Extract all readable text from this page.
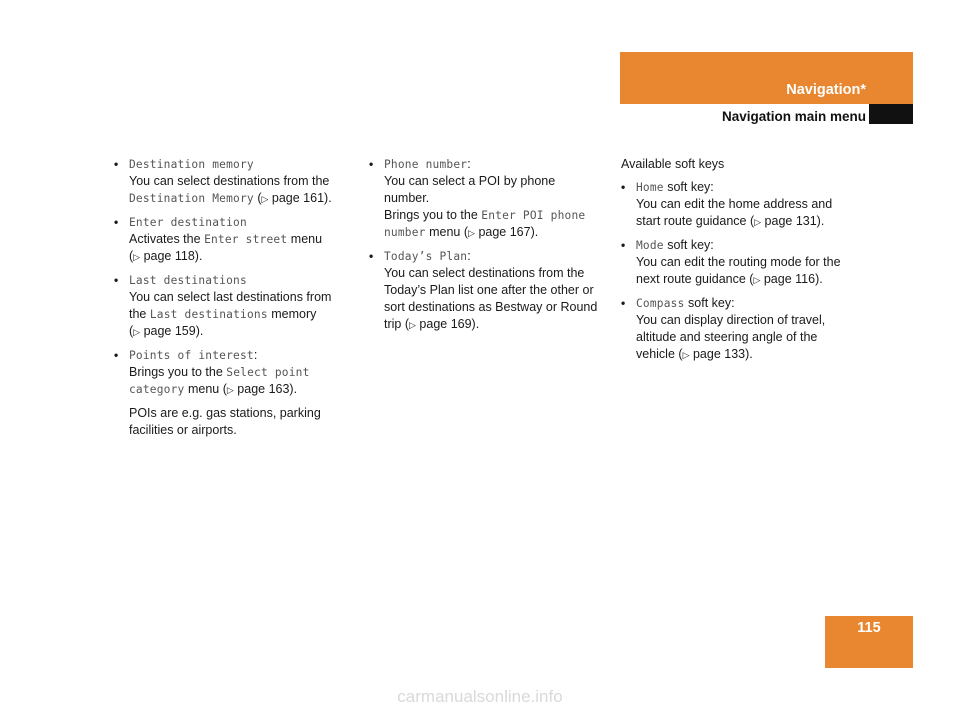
Navigation*
Navigation main menu
• Destination memory
You can select destinations from the
Destination Memory (▷ page 161).
• Enter destination
Activates the Enter street menu
(▷ page 118).
• Last destinations
You can select last destinations from
the Last destinations memory
(▷ page 159).
• Points of interest:
Brings you to the Select point category menu (▷ page 163).

POIs are e.g. gas stations, parking facilities or airports.

• Phone number:
You can select a POI by phone number.
Brings you to the Enter POI phone number menu (▷ page 167).
• Today’s Plan:
You can select destinations from the Today’s Plan list one after the other or sort destinations as Bestway or Round trip (▷ page 169).

Available soft keys

• Home soft key:
You can edit the home address and start route guidance (▷ page 131).
• Mode soft key:
You can edit the routing mode for the next route guidance (▷ page 116).
• Compass soft key:
You can display direction of travel, altitude and steering angle of the vehicle (▷ page 133).
115
carmanualsonline.info
